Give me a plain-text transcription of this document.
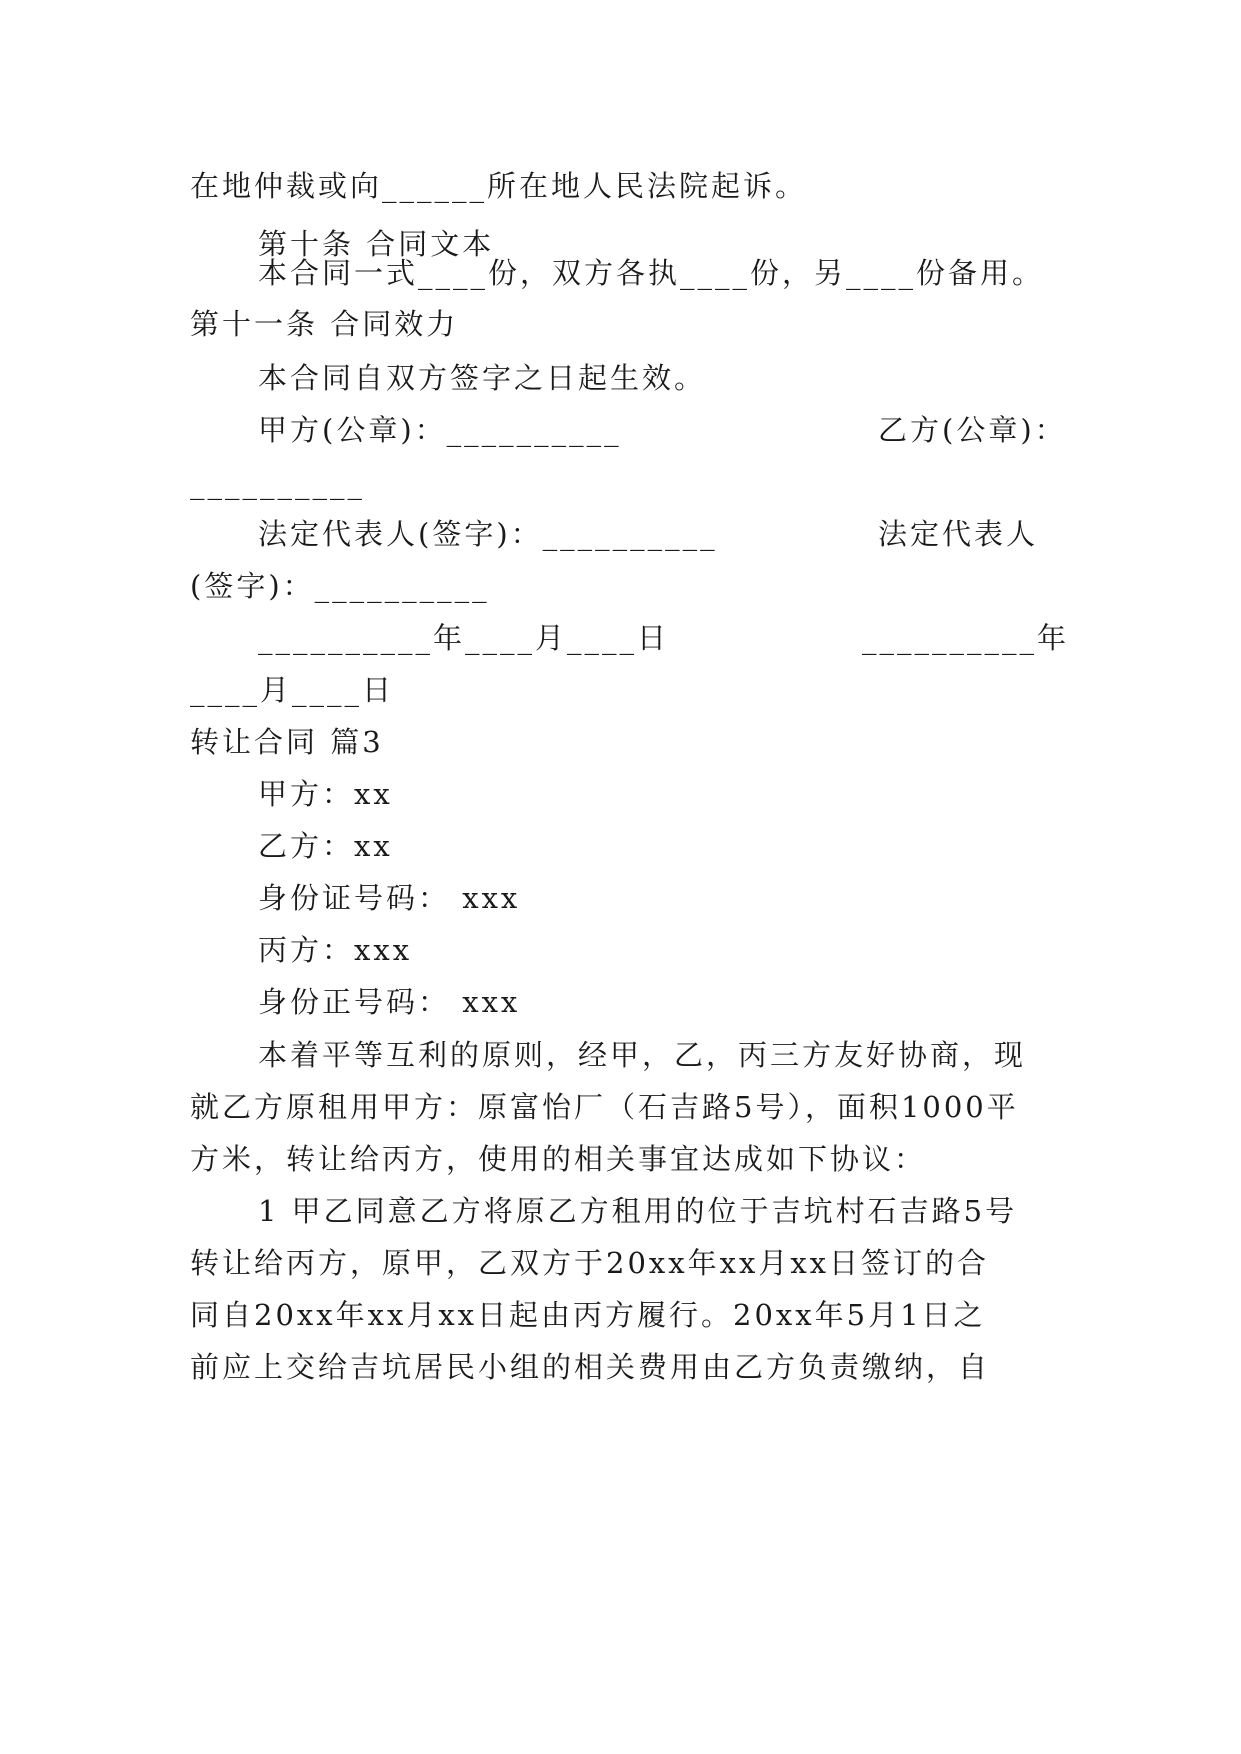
在地仲裁或向______所在地人民法院起诉。
第十条 合同文本
本合同一式____份，双方各执____份，另____份备用。
第十一条 合同效力
本合同自双方签字之日起生效。
甲方(公章)：__________	乙方(公章)：
__________
法定代表人(签字)：__________	法定代表人
(签字)：__________
__________年____月____日	__________年
____月____日
转让合同 篇3
甲方：xx
乙方：xx
身份证号码： xxx
丙方：xxx
身份正号码： xxx
本着平等互利的原则，经甲，乙，丙三方友好协商，现
就乙方原租用甲方：原富怡厂（石吉路5号），面积1000平
方米，转让给丙方，使用的相关事宜达成如下协议：
1 甲乙同意乙方将原乙方租用的位于吉坑村石吉路5号
转让给丙方，原甲，乙双方于20xx年xx月xx日签订的合
同自20xx年xx月xx日起由丙方履行。20xx年5月1日之
前应上交给吉坑居民小组的相关费用由乙方负责缴纳，自
